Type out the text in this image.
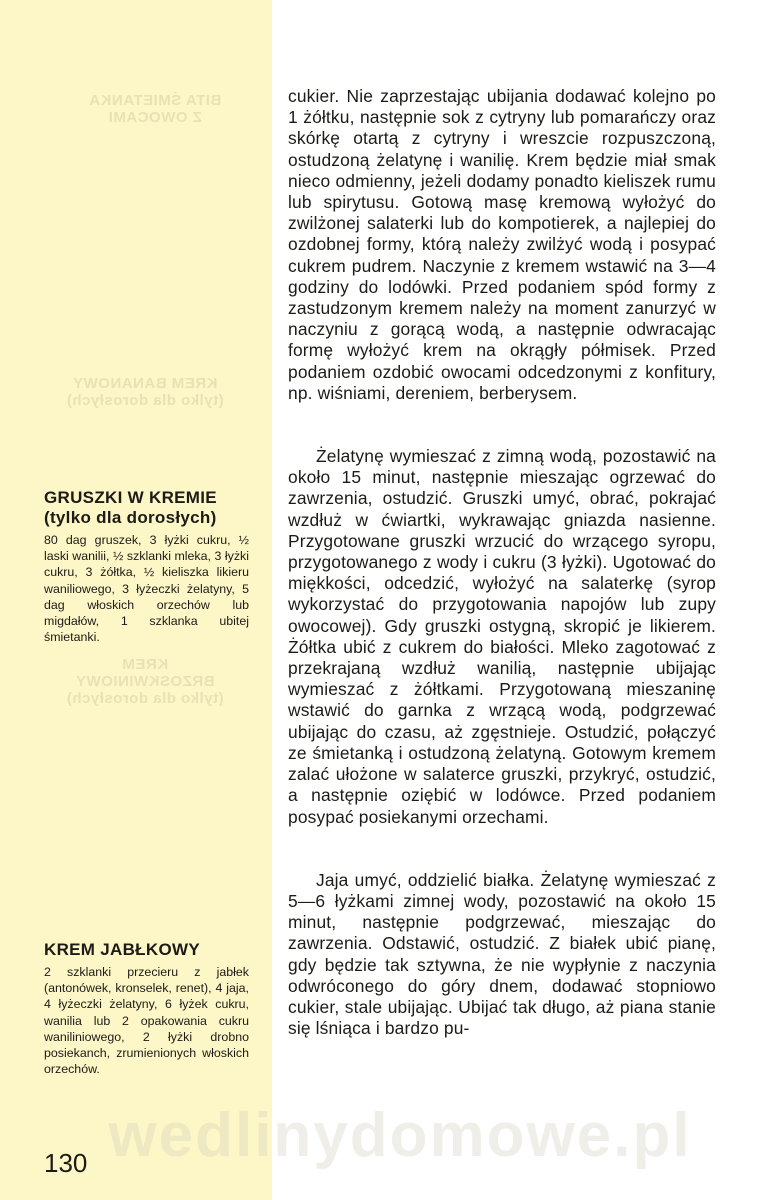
BITA ŚMIETANKA
Z OWOCAMI
KREM BANANOWY
(tylko dla dorosłych)
KREM
BRZOSKWINIOWY
(tylko dla dorosłych)
GRUSZKI W KREMIE
(tylko dla dorosłych)
80 dag gruszek, 3 łyżki cukru, ½ laski wanilii, ½ szklanki mleka, 3 łyżki cukru, 3 żółtka, ½ kieliszka likieru waniliowego, 3 łyżeczki żelatyny, 5 dag włoskich orzechów lub migdałów, 1 szklanka ubitej śmietanki.
KREM JABŁKOWY
2 szklanki przecieru z jabłek (antonówek, kronselek, renet), 4 jaja, 4 łyżeczki żelatyny, 6 łyżek cukru, wanilia lub 2 opakowania cukru waniliniowego, 2 łyżki drobno posiekanch, zrumienionych włoskich orzechów.

cukier. Nie zaprzestając ubijania dodawać kolejno po 1 żółtku, następnie sok z cytryny lub pomarańczy oraz skórkę otartą z cytryny i wreszcie rozpuszczoną, ostudzoną żelatynę i wanilię. Krem będzie miał smak nieco odmienny, jeżeli dodamy ponadto kieliszek rumu lub spirytusu. Gotową masę kremową wyłożyć do zwilżonej salaterki lub do kompotierek, a najlepiej do ozdobnej formy, którą należy zwilżyć wodą i posypać cukrem pudrem. Naczynie z kremem wstawić na 3—4 godziny do lodówki. Przed podaniem spód formy z zastudzonym kremem należy na moment zanurzyć w naczyniu z gorącą wodą, a następnie odwracając formę wyłożyć krem na okrągły półmisek. Przed podaniem ozdobić owocami odcedzonymi z konfitury, np. wiśniami, dereniem, berberysem.

Żelatynę wymieszać z zimną wodą, pozostawić na około 15 minut, następnie mieszając ogrzewać do zawrzenia, ostudzić. Gruszki umyć, obrać, pokrajać wzdłuż w ćwiartki, wykrawając gniazda nasienne. Przygotowane gruszki wrzucić do wrzącego syropu, przygotowanego z wody i cukru (3 łyżki). Ugotować do miękkości, odcedzić, wyłożyć na salaterkę (syrop wykorzystać do przygotowania napojów lub zupy owocowej). Gdy gruszki ostygną, skropić je likierem. Żółtka ubić z cukrem do białości. Mleko zagotować z przekrajaną wzdłuż wanilią, następnie ubijając wymieszać z żółtkami. Przygotowaną mieszaninę wstawić do garnka z wrzącą wodą, podgrzewać ubijając do czasu, aż zgęstnieje. Ostudzić, połączyć ze śmietanką i ostudzoną żelatyną. Gotowym kremem zalać ułożone w salaterce gruszki, przykryć, ostudzić, a następnie oziębić w lodówce. Przed podaniem posypać posiekanymi orzechami.

Jaja umyć, oddzielić białka. Żelatynę wymieszać z 5—6 łyżkami zimnej wody, pozostawić na około 15 minut, następnie podgrzewać, mieszając do zawrzenia. Odstawić, ostudzić. Z białek ubić pianę, gdy będzie tak sztywna, że nie wypłynie z naczynia odwróconego do góry dnem, dodawać stopniowo cukier, stale ubijając. Ubijać tak długo, aż piana stanie się lśniąca i bardzo pu-

wedlinydomowe.pl
130
